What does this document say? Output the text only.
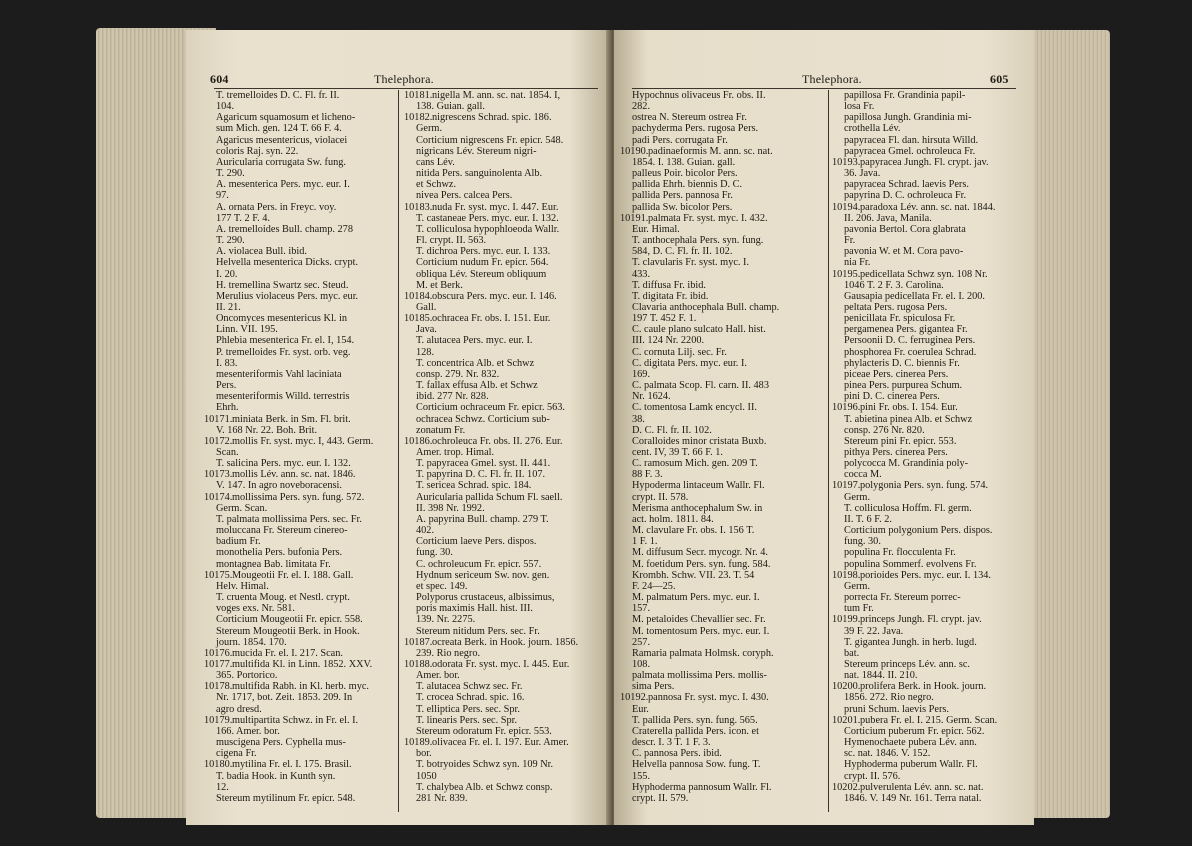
604	Thelephora.
T. tremelloides D. C. Fl. fr. II.
104.
Agaricum squamosum et licheno-
sum Mich. gen. 124 T. 66 F. 4.
Agaricus mesentericus, violacei
coloris Raj. syn. 22.
Auricularia corrugata Sw. fung.
T. 290.
A. mesenterica Pers. myc. eur. I.
97.
A. ornata Pers. in Freyc. voy.
177 T. 2 F. 4.
A. tremelloides Bull. champ. 278
T. 290.
A. violacea Bull. ibid.
Helvella mesenterica Dicks. crypt.
I. 20.
H. tremellina Swartz sec. Steud.
Merulius violaceus Pers. myc. eur.
II. 21.
Oncomyces mesentericus Kl. in
Linn. VII. 195.
Phlebia mesenterica Fr. el. I, 154.
P. tremelloides Fr. syst. orb. veg.
I. 83.
mesenteriformis Vahl laciniata
Pers.
mesenteriformis Willd. terrestris
Ehrh.
10171.miniata Berk. in Sm. Fl. brit.
V. 168 Nr. 22. Boh. Brit.
10172.mollis Fr. syst. myc. I, 443. Germ.
Scan.
T. salicina Pers. myc. eur. I. 132.
10173.mollis Lév. ann. sc. nat. 1846.
V. 147. In agro noveboracensi.
10174.mollissima Pers. syn. fung. 572.
Germ. Scan.
T. palmata mollissima Pers. sec. Fr.
moluccana Fr. Stereum cinereo-
badium Fr.
monothelia Pers. bufonia Pers.
montagnea Bab. limitata Fr.
10175.Mougeotii Fr. el. I. 188. Gall.
Helv. Himal.
T. cruenta Moug. et Nestl. crypt.
voges exs. Nr. 581.
Corticium Mougeotii Fr. epicr. 558.
Stereum Mougeotii Berk. in Hook.
journ. 1854. 170.
10176.mucida Fr. el. I. 217. Scan.
10177.multifida Kl. in Linn. 1852. XXV.
365. Portorico.
10178.multifida Rabh. in Kl. herb. myc.
Nr. 1717, bot. Zeit. 1853. 209. In
agro dresd.
10179.multipartita Schwz. in Fr. el. I.
166. Amer. bor.
muscigena Pers. Cyphella mus-
cigena Fr.
10180.mytilina Fr. el. I. 175. Brasil.
T. badia Hook. in Kunth syn.
12.
Stereum mytilinum Fr. epicr. 548.
10181.nigella M. ann. sc. nat. 1854. I,
138. Guian. gall.
10182.nigrescens Schrad. spic. 186.
Germ.
Corticium nigrescens Fr. epicr. 548.
nigricans Lév. Stereum nigri-
cans Lév.
nitida Pers. sanguinolenta Alb.
et Schwz.
nivea Pers. calcea Pers.
10183.nuda Fr. syst. myc. I. 447. Eur.
T. castaneae Pers. myc. eur. I. 132.
T. colliculosa hypophloeoda Wallr.
Fl. crypt. II. 563.
T. dichroa Pers. myc. eur. I. 133.
Corticium nudum Fr. epicr. 564.
obliqua Lév. Stereum obliquum
M. et Berk.
10184.obscura Pers. myc. eur. I. 146.
Gall.
10185.ochracea Fr. obs. I. 151. Eur.
Java.
T. alutacea Pers. myc. eur. I.
128.
T. concentrica Alb. et Schwz
consp. 279. Nr. 832.
T. fallax effusa Alb. et Schwz
ibid. 277 Nr. 828.
Corticium ochraceum Fr. epicr. 563.
ochracea Schwz. Corticium sub-
zonatum Fr.
10186.ochroleuca Fr. obs. II. 276. Eur.
Amer. trop. Himal.
T. papyracea Gmel. syst. II. 441.
T. papyrina D. C. Fl. fr. II. 107.
T. sericea Schrad. spic. 184.
Auricularia pallida Schum Fl. saell.
II. 398 Nr. 1992.
A. papyrina Bull. champ. 279 T.
402.
Corticium laeve Pers. dispos.
fung. 30.
C. ochroleucum Fr. epicr. 557.
Hydnum sericeum Sw. nov. gen.
et spec. 149.
Polyporus crustaceus, albissimus,
poris maximis Hall. hist. III.
139. Nr. 2275.
Stereum nitidum Pers. sec. Fr.
10187.ocreata Berk. in Hook. journ. 1856.
239. Rio negro.
10188.odorata Fr. syst. myc. I. 445. Eur.
Amer. bor.
T. alutacea Schwz sec. Fr.
T. crocea Schrad. spic. 16.
T. elliptica Pers. sec. Spr.
T. linearis Pers. sec. Spr.
Stereum odoratum Fr. epicr. 553.
10189.olivacea Fr. el. I. 197. Eur. Amer.
bor.
T. botryoides Schwz syn. 109 Nr.
1050
T. chalybea Alb. et Schwz consp.
281 Nr. 839.
Thelephora.	605
Hypochnus olivaceus Fr. obs. II.
282.
ostrea N. Stereum ostrea Fr.
pachyderma Pers. rugosa Pers.
padi Pers. corrugata Fr.
10190.padinaeformis M. ann. sc. nat.
1854. I. 138. Guian. gall.
palleus Poir. bicolor Pers.
pallida Ehrh. biennis D. C.
pallida Pers. pannosa Fr.
pallida Sw. bicolor Pers.
10191.palmata Fr. syst. myc. I. 432.
Eur. Himal.
T. anthocephala Pers. syn. fung.
584, D. C. Fl. fr. II. 102.
T. clavularis Fr. syst. myc. I.
433.
T. diffusa Fr. ibid.
T. digitata Fr. ibid.
Clavaria anthocephala Bull. champ.
197 T. 452 F. 1.
C. caule plano sulcato Hall. hist.
III. 124 Nr. 2200.
C. cornuta Lilj. sec. Fr.
C. digitata Pers. myc. eur. I.
169.
C. palmata Scop. Fl. carn. II. 483
Nr. 1624.
C. tomentosa Lamk encycl. II.
38.
D. C. Fl. fr. II. 102.
Coralloides minor cristata Buxb.
cent. IV, 39 T. 66 F. 1.
C. ramosum Mich. gen. 209 T.
88 F. 3.
Hypoderma lintaceum Wallr. Fl.
crypt. II. 578.
Merisma anthocephalum Sw. in
act. holm. 1811. 84.
M. clavulare Fr. obs. I. 156 T.
1 F. 1.
M. diffusum Secr. mycogr. Nr. 4.
M. foetidum Pers. syn. fung. 584.
Krombh. Schw. VII. 23. T. 54
F. 24—25.
M. palmatum Pers. myc. eur. I.
157.
M. petaloides Chevallier sec. Fr.
M. tomentosum Pers. myc. eur. I.
257.
Ramaria palmata Holmsk. coryph.
108.
palmata mollissima Pers. mollis-
sima Pers.
10192.pannosa Fr. syst. myc. I. 430.
Eur.
T. pallida Pers. syn. fung. 565.
Craterella pallida Pers. icon. et
descr. I. 3 T. 1 F. 3.
C. pannosa Pers. ibid.
Helvella pannosa Sow. fung. T.
155.
Hyphoderma pannosum Wallr. Fl.
crypt. II. 579.
papillosa Fr. Grandinia papil-
losa Fr.
papillosa Jungh. Grandinia mi-
crothella Lév.
papyracea Fl. dan. hirsuta Willd.
papyracea Gmel. ochroleuca Fr.
10193.papyracea Jungh. Fl. crypt. jav.
36. Java.
papyracea Schrad. laevis Pers.
papyrina D. C. ochroleuca Fr.
10194.paradoxa Lév. ann. sc. nat. 1844.
II. 206. Java, Manila.
pavonia Bertol. Cora glabrata
Fr.
pavonia W. et M. Cora pavo-
nia Fr.
10195.pedicellata Schwz syn. 108 Nr.
1046 T. 2 F. 3. Carolina.
Gausapia pedicellata Fr. el. I. 200.
peltata Pers. rugosa Pers.
penicillata Fr. spiculosa Fr.
pergamenea Pers. gigantea Fr.
Persoonii D. C. ferruginea Pers.
phosphorea Fr. coerulea Schrad.
phylacteris D. C. biennis Fr.
piceae Pers. cinerea Pers.
pinea Pers. purpurea Schum.
pini D. C. cinerea Pers.
10196.pini Fr. obs. I. 154. Eur.
T. abietina pinea Alb. et Schwz
consp. 276 Nr. 820.
Stereum pini Fr. epicr. 553.
pithya Pers. cinerea Pers.
polycocca M. Grandinia poly-
cocca M.
10197.polygonia Pers. syn. fung. 574.
Germ.
T. colliculosa Hoffm. Fl. germ.
II. T. 6 F. 2.
Corticium polygonium Pers. dispos.
fung. 30.
populina Fr. flocculenta Fr.
populina Sommerf. evolvens Fr.
10198.porioides Pers. myc. eur. I. 134.
Germ.
porrecta Fr. Stereum porrec-
tum Fr.
10199.princeps Jungh. Fl. crypt. jav.
39 F. 22. Java.
T. gigantea Jungh. in herb. lugd.
bat.
Stereum princeps Lév. ann. sc.
nat. 1844. II. 210.
10200.prolifera Berk. in Hook. journ.
1856. 272. Rio negro.
pruni Schum. laevis Pers.
10201.pubera Fr. el. I. 215. Germ. Scan.
Corticium puberum Fr. epicr. 562.
Hymenochaete pubera Lév. ann.
sc. nat. 1846. V. 152.
Hyphoderma puberum Wallr. Fl.
crypt. II. 576.
10202.pulverulenta Lév. ann. sc. nat.
1846. V. 149 Nr. 161. Terra natal.
